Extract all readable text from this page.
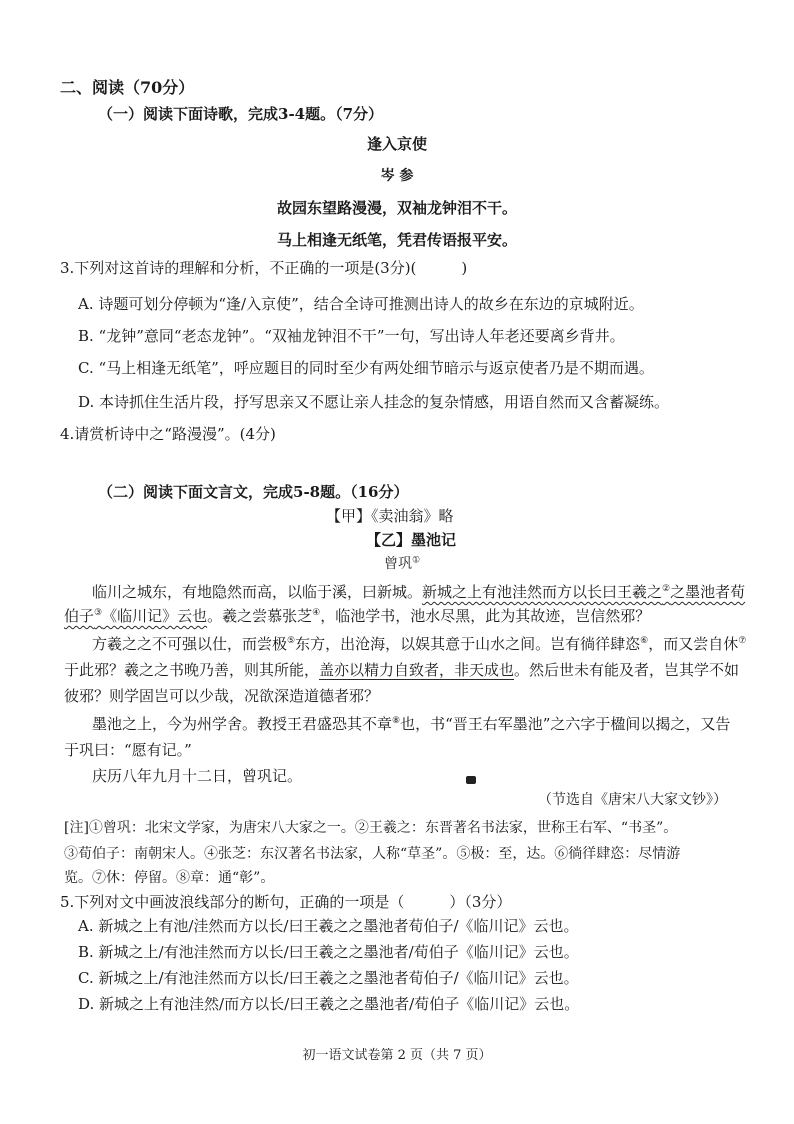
二、阅读（70分）
（一）阅读下面诗歌，完成3-4题。（7分）
逢入京使
岑 参
故园东望路漫漫，双袖龙钟泪不干。
马上相逢无纸笔，凭君传语报平安。
3.下列对这首诗的理解和分析，不正确的一项是(3分)(　　　)
A. 诗题可划分停顿为“逢/入京使”，结合全诗可推测出诗人的故乡在东边的京城附近。
B. “龙钟”意同“老态龙钟”。“双袖龙钟泪不干”一句，写出诗人年老还要离乡背井。
C. “马上相逢无纸笔”，呼应题目的同时至少有两处细节暗示与返京使者乃是不期而遇。
D. 本诗抓住生活片段，抒写思亲又不愿让亲人挂念的复杂情感，用语自然而又含蓄凝练。
4.请赏析诗中之“路漫漫”。(4分)
（二）阅读下面文言文，完成5-8题。（16分）
【甲】《卖油翁》略
【乙】墨池记
曾巩①
临川之城东，有地隐然而高，以临于溪，曰新城。新城之上有池洼然而方以长曰王羲之②之墨池者荀
伯子③《临川记》云也。羲之尝慕张芝④，临池学书，池水尽黑，此为其故迹，岂信然邪？
方羲之之不可强以仕，而尝极⑤东方，出沧海，以娱其意于山水之间。岂有徜徉肆恣⑥，而又尝自休⑦
于此邪？羲之之书晚乃善，则其所能，盖亦以精力自致者，非天成也。然后世未有能及者，岂其学不如
彼邪？则学固岂可以少哉，况欲深造道德者邪？
墨池之上，今为州学舍。教授王君盛恐其不章⑧也，书“晋王右军墨池”之六字于楹间以揭之，又告
于巩曰：“愿有记。”
庆历八年九月十二日，曾巩记。
（节选自《唐宋八大家文钞》）
[注]①曾巩：北宋文学家，为唐宋八大家之一。②王羲之：东晋著名书法家，世称王右军、“书圣”。
③荀伯子：南朝宋人。④张芝：东汉著名书法家，人称“草圣”。⑤极：至，达。⑥徜徉肆恣：尽情游
览。⑦休：停留。⑧章：通“彰”。
5.下列对文中画波浪线部分的断句，正确的一项是（　　　）（3分）
A. 新城之上有池/洼然而方以长/曰王羲之之墨池者荀伯子/《临川记》云也。
B. 新城之上/有池洼然而方以长/曰王羲之之墨池者/荀伯子《临川记》云也。
C. 新城之上/有池洼然而方以长/曰王羲之之墨池者荀伯子/《临川记》云也。
D. 新城之上有池洼然/而方以长/曰王羲之之墨池者/荀伯子《临川记》云也。
初一语文试卷第 2 页（共 7 页）
